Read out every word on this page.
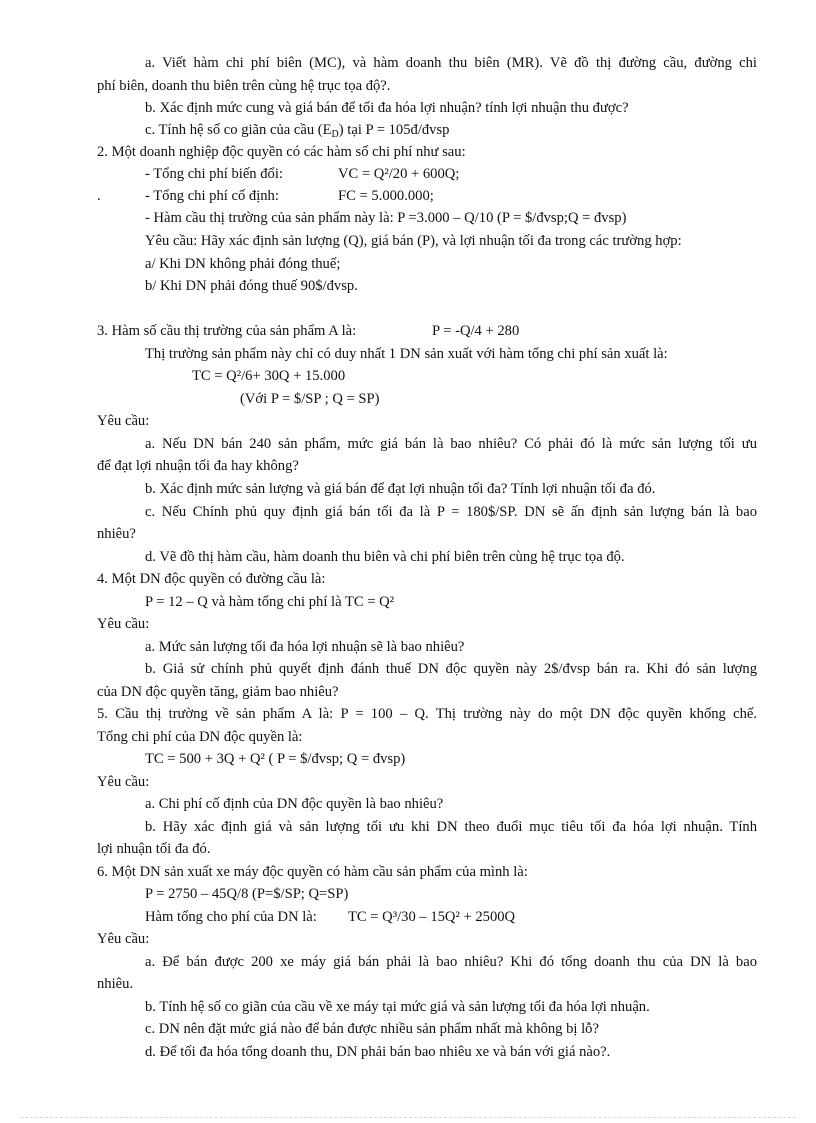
a. Viết hàm chi phí biên (MC), và hàm doanh thu biên (MR). Vẽ đồ thị đường cầu, đường chi
phí biên, doanh thu biên trên cùng hệ trục tọa độ?.
b. Xác định mức cung và giá bán để tối đa hóa lợi nhuận? tính lợi nhuận thu được?
c. Tính hệ số co giãn của cầu $(E_D)$ tại P = 105đ/đvsp
2. Một doanh nghiệp độc quyền có các hàm số chi phí như sau:
- Tổng chi phí biến đổi:	VC = Q²/20 + 600Q;
.	- Tổng chi phí cố định:	FC = 5.000.000;
- Hàm cầu thị trường của sản phẩm này là: P =3.000 – Q/10 (P = $/đvsp;Q = đvsp)
Yêu cầu: Hãy xác định sản lượng (Q), giá bán (P), và lợi nhuận tối đa trong các trường hợp:
a/ Khi DN không phải đóng thuế;
b/ Khi DN phải đóng thuế 90$/đvsp.
3. Hàm số cầu thị trường của sản phẩm A là:	P = -Q/4 + 280
Thị trường sản phẩm này chỉ có duy nhất 1 DN sản xuất với hàm tổng chi phí sản xuất là:
TC = Q²/6+ 30Q + 15.000
(Với P = $/SP ; Q = SP)
Yêu cầu:
a. Nếu DN bán 240 sản phẩm, mức giá bán là bao nhiêu? Có phải đó là mức sản lượng tối ưu
để đạt lợi nhuận tối đa hay không?
b. Xác định mức sản lượng và giá bán để đạt lợi nhuận tối đa? Tính lợi nhuận tối đa đó.
c. Nếu Chính phủ quy định giá bán tối đa là P = 180$/SP. DN sẽ ấn định sản lượng bán là bao
nhiêu?
d. Vẽ đồ thị hàm cầu, hàm doanh thu biên và chi phí biên trên cùng hệ trục tọa độ.
4. Một DN độc quyền có đường cầu là:
P = 12 – Q và hàm tổng chi phí là TC = Q²
Yêu cầu:
a. Mức sản lượng tối đa hóa lợi nhuận sẽ là bao nhiêu?
b. Giả sử chính phủ quyết định đánh thuế DN độc quyền này 2$/đvsp bán ra. Khi đó sản lượng
của DN độc quyền tăng, giảm bao nhiêu?
5. Cầu thị trường về sản phẩm A là: P = 100 – Q. Thị trường này do một DN độc quyền khống chế.
Tổng chi phí của DN độc quyền là:
TC = 500 + 3Q + Q² ( P = $/đvsp; Q = đvsp)
Yêu cầu:
a. Chi phí cố định của DN độc quyền là bao nhiêu?
b. Hãy xác định giá và sản lượng tối ưu khi DN theo đuổi mục tiêu tối đa hóa lợi nhuận. Tính
lợi nhuận tối đa đó.
6. Một DN sản xuất xe máy độc quyền có hàm cầu sản phẩm của mình là:
P = 2750 – 45Q/8 (P=$/SP; Q=SP)
Hàm tổng cho phí của DN là: TC = Q³/30 – 15Q² + 2500Q
Yêu cầu:
a. Để bán được 200 xe máy giá bán phải là bao nhiêu? Khi đó tổng doanh thu của DN là bao
nhiêu.
b. Tính hệ số co giãn của cầu về xe máy tại mức giá và sản lượng tối đa hóa lợi nhuận.
c. DN nên đặt mức giá nào để bán được nhiều sản phẩm nhất mà không bị lỗ?
d. Để tối đa hóa tổng doanh thu, DN phải bán bao nhiêu xe và bán với giá nào?.
